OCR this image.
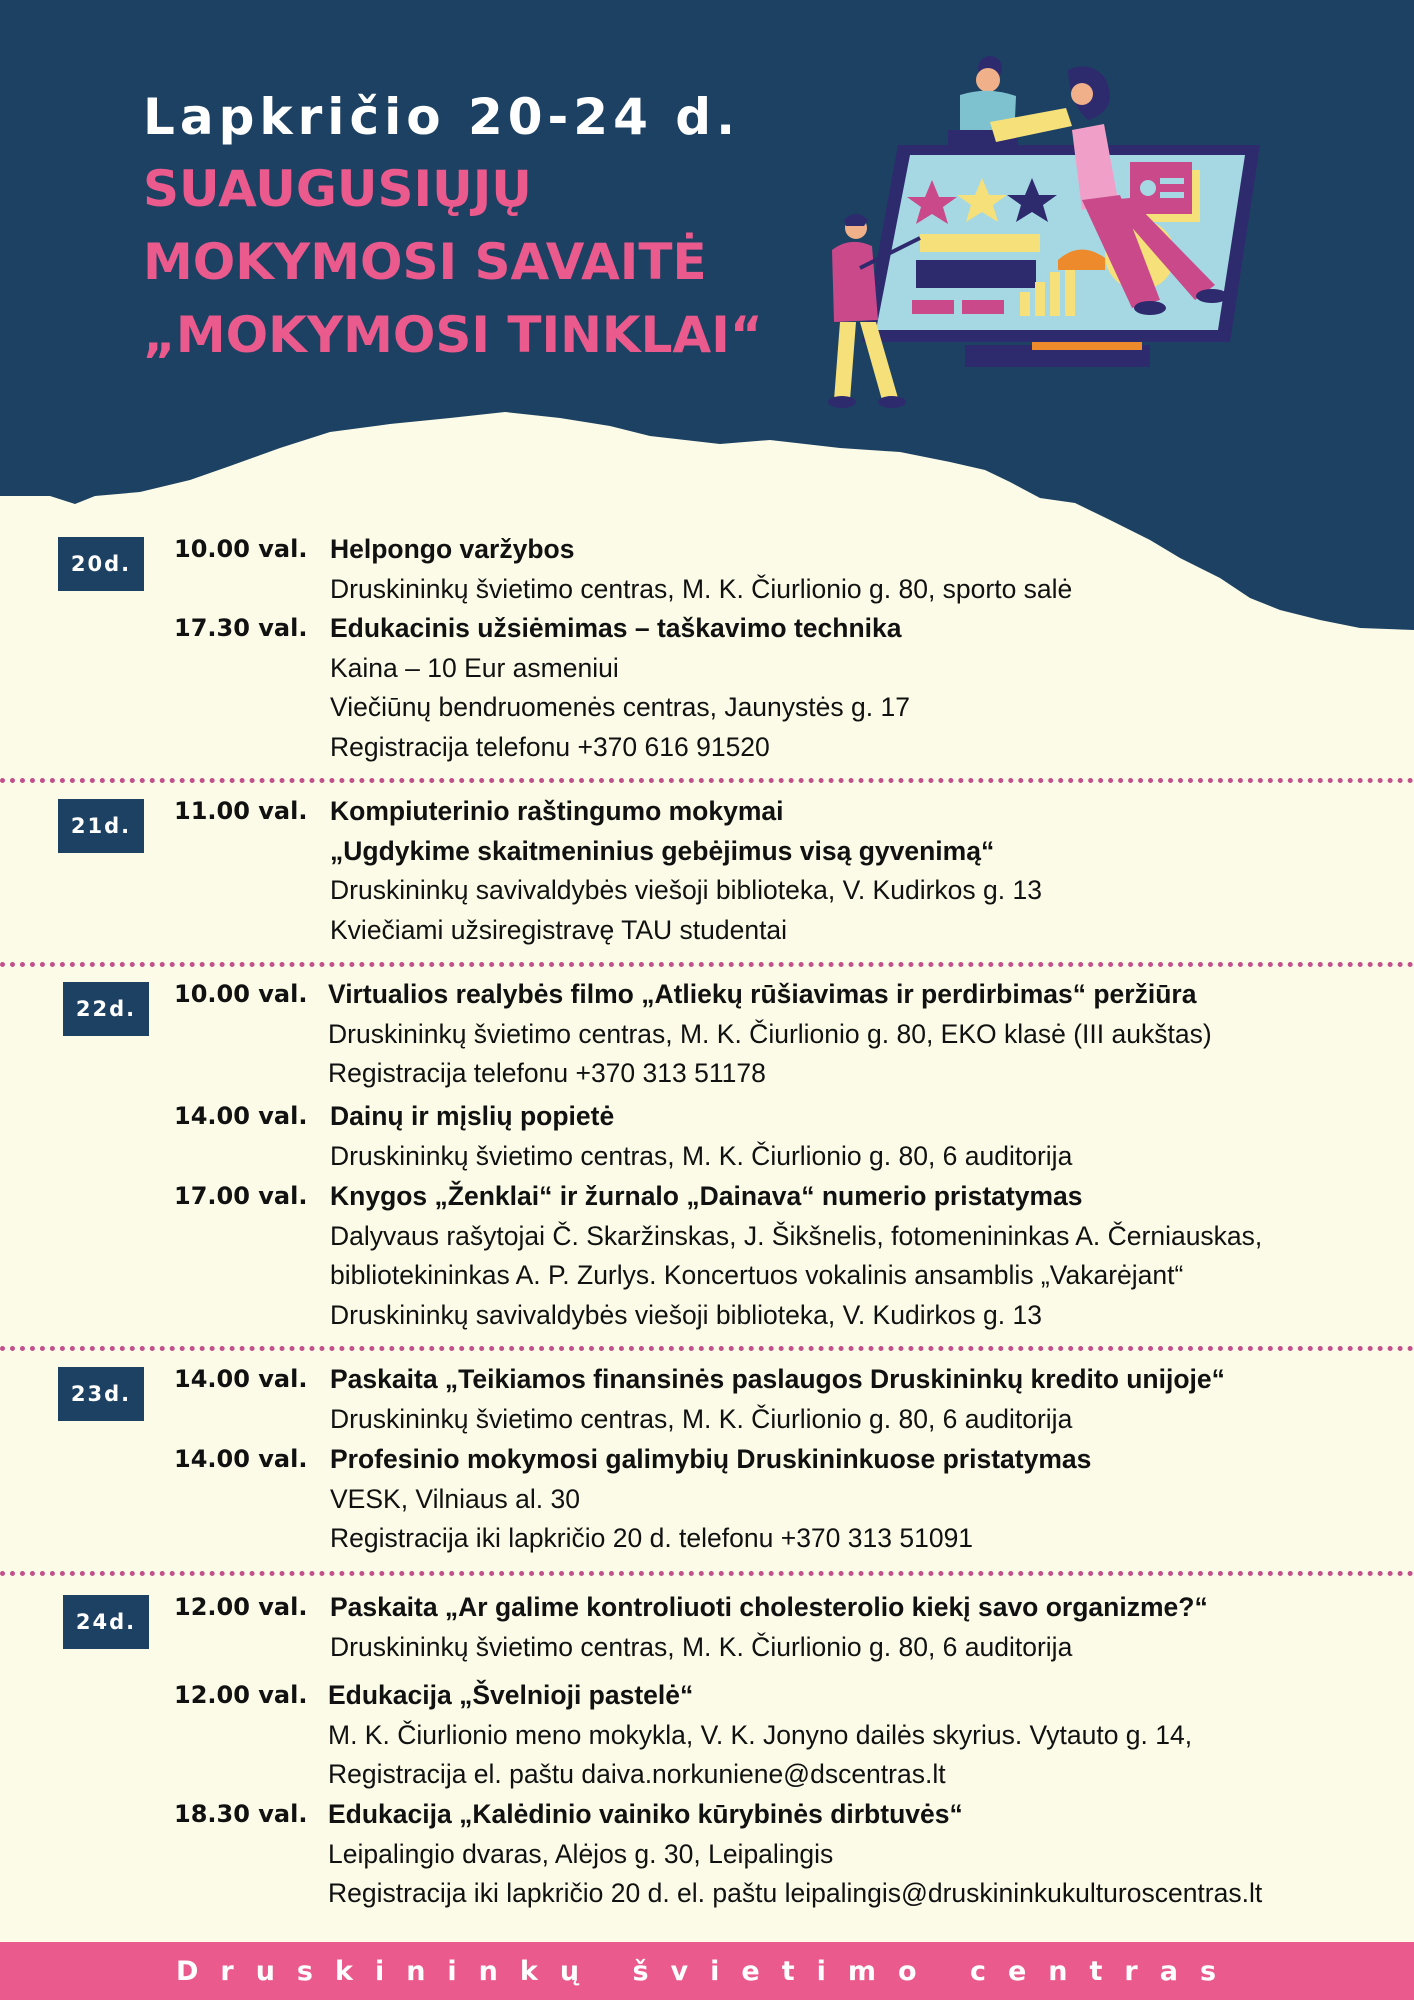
Lapkričio 20-24 d.
SUAUGUSIŲJŲ
MOKYMOSI SAVAITĖ
„MOKYMOSI TINKLAI“
20d.
10.00 val. Helpongo varžybos
Druskininkų švietimo centras, M. K. Čiurlionio g. 80, sporto salė
17.30 val. Edukacinis užsiėmimas – taškavimo technika
Kaina – 10 Eur asmeniui
Viečiūnų bendruomenės centras, Jaunystės g. 17
Registracija telefonu +370 616 91520
21d.
11.00 val. Kompiuterinio raštingumo mokymai
„Ugdykime skaitmeninius gebėjimus visą gyvenimą“
Druskininkų savivaldybės viešoji biblioteka, V. Kudirkos g. 13
Kviečiami užsiregistravę TAU studentai
22d.
10.00 val. Virtualios realybės filmo „Atliekų rūšiavimas ir perdirbimas“ peržiūra
Druskininkų švietimo centras, M. K. Čiurlionio g. 80, EKO klasė (III aukštas)
Registracija telefonu +370 313 51178
14.00 val. Dainų ir mįslių popietė
Druskininkų švietimo centras, M. K. Čiurlionio g. 80, 6 auditorija
17.00 val. Knygos „Ženklai“ ir žurnalo „Dainava“ numerio pristatymas
Dalyvaus rašytojai Č. Skaržinskas, J. Šikšnelis, fotomenininkas A. Černiauskas,
bibliotekininkas A. P. Zurlys. Koncertuos vokalinis ansamblis „Vakarėjant“
Druskininkų savivaldybės viešoji biblioteka, V. Kudirkos g. 13
23d.
14.00 val. Paskaita „Teikiamos finansinės paslaugos Druskininkų kredito unijoje“
Druskininkų švietimo centras, M. K. Čiurlionio g. 80, 6 auditorija
14.00 val. Profesinio mokymosi galimybių Druskininkuose pristatymas
VESK, Vilniaus al. 30
Registracija iki lapkričio 20 d. telefonu +370 313 51091
24d.
12.00 val. Paskaita „Ar galime kontroliuoti cholesterolio kiekį savo organizme?“
Druskininkų švietimo centras, M. K. Čiurlionio g. 80, 6 auditorija
12.00 val. Edukacija „Švelnioji pastelė“
M. K. Čiurlionio meno mokykla, V. K. Jonyno dailės skyrius. Vytauto g. 14,
Registracija el. paštu daiva.norkuniene@dscentras.lt
18.30 val. Edukacija „Kalėdinio vainiko kūrybinės dirbtuvės“
Leipalingio dvaras, Alėjos g. 30, Leipalingis
Registracija iki lapkričio 20 d. el. paštu leipalingis@druskininkukulturoscentras.lt
Druskininkų švietimo centras
